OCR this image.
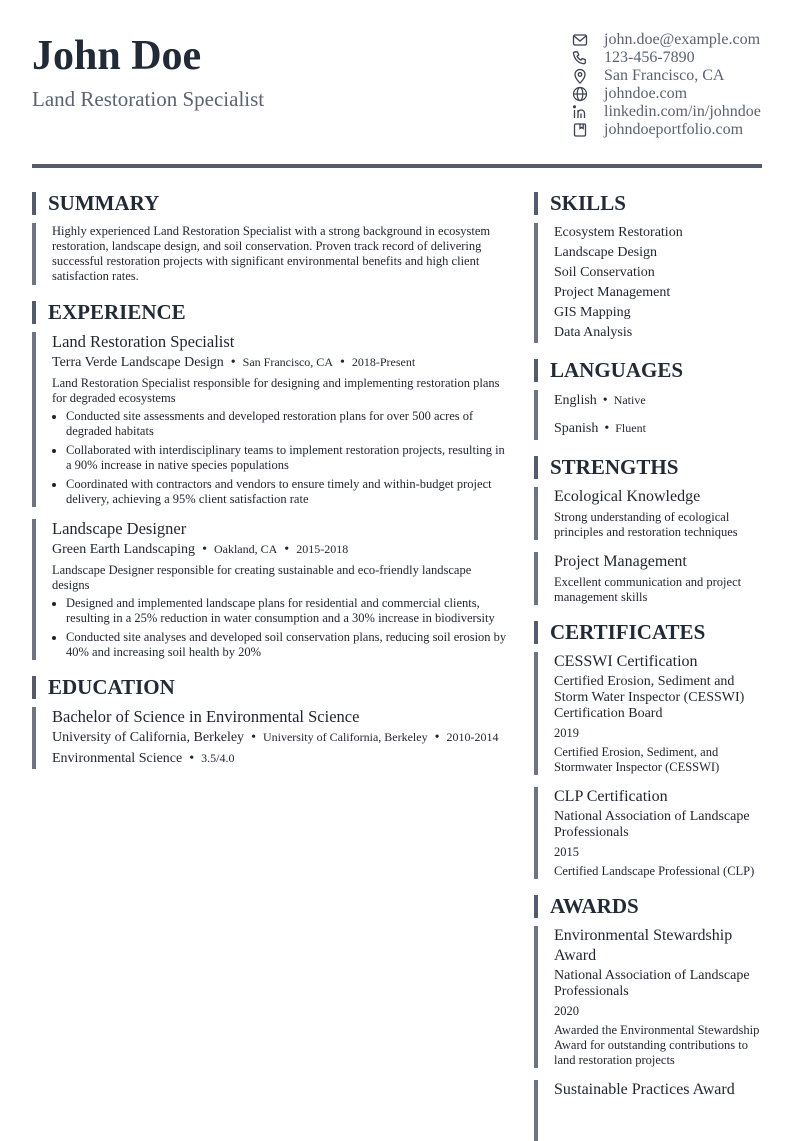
John Doe

Land Restoration Specialist

john.doe@example.com
123-456-7890
San Francisco, CA
johndoe.com
linkedin.com/in/johndoe
johndoeportfolio.com
SUMMARY
Highly experienced Land Restoration Specialist with a strong background in ecosystem restoration, landscape design, and soil conservation. Proven track record of delivering successful restoration projects with significant environmental benefits and high client satisfaction rates.
EXPERIENCE
Land Restoration Specialist
Terra Verde Landscape Design • San Francisco, CA • 2018-Present
Land Restoration Specialist responsible for designing and implementing restoration plans for degraded ecosystems
• Conducted site assessments and developed restoration plans for over 500 acres of degraded habitats
• Collaborated with interdisciplinary teams to implement restoration projects, resulting in a 90% increase in native species populations
• Coordinated with contractors and vendors to ensure timely and within-budget project delivery, achieving a 95% client satisfaction rate
Landscape Designer
Green Earth Landscaping • Oakland, CA • 2015-2018
Landscape Designer responsible for creating sustainable and eco-friendly landscape designs
• Designed and implemented landscape plans for residential and commercial clients, resulting in a 25% reduction in water consumption and a 30% increase in biodiversity
• Conducted site analyses and developed soil conservation plans, reducing soil erosion by 40% and increasing soil health by 20%
EDUCATION
Bachelor of Science in Environmental Science
University of California, Berkeley • University of California, Berkeley • 2010-2014
Environmental Science • 3.5/4.0
SKILLS
Ecosystem Restoration
Landscape Design
Soil Conservation
Project Management
GIS Mapping
Data Analysis
LANGUAGES
English • Native
Spanish • Fluent
STRENGTHS
Ecological Knowledge
Strong understanding of ecological principles and restoration techniques
Project Management
Excellent communication and project management skills
CERTIFICATES
CESSWI Certification
Certified Erosion, Sediment and Storm Water Inspector (CESSWI) Certification Board
2019
Certified Erosion, Sediment, and Stormwater Inspector (CESSWI)
CLP Certification
National Association of Landscape Professionals
2015
Certified Landscape Professional (CLP)
AWARDS
Environmental Stewardship Award
National Association of Landscape Professionals
2020
Awarded the Environmental Stewardship Award for outstanding contributions to land restoration projects
Sustainable Practices Award
